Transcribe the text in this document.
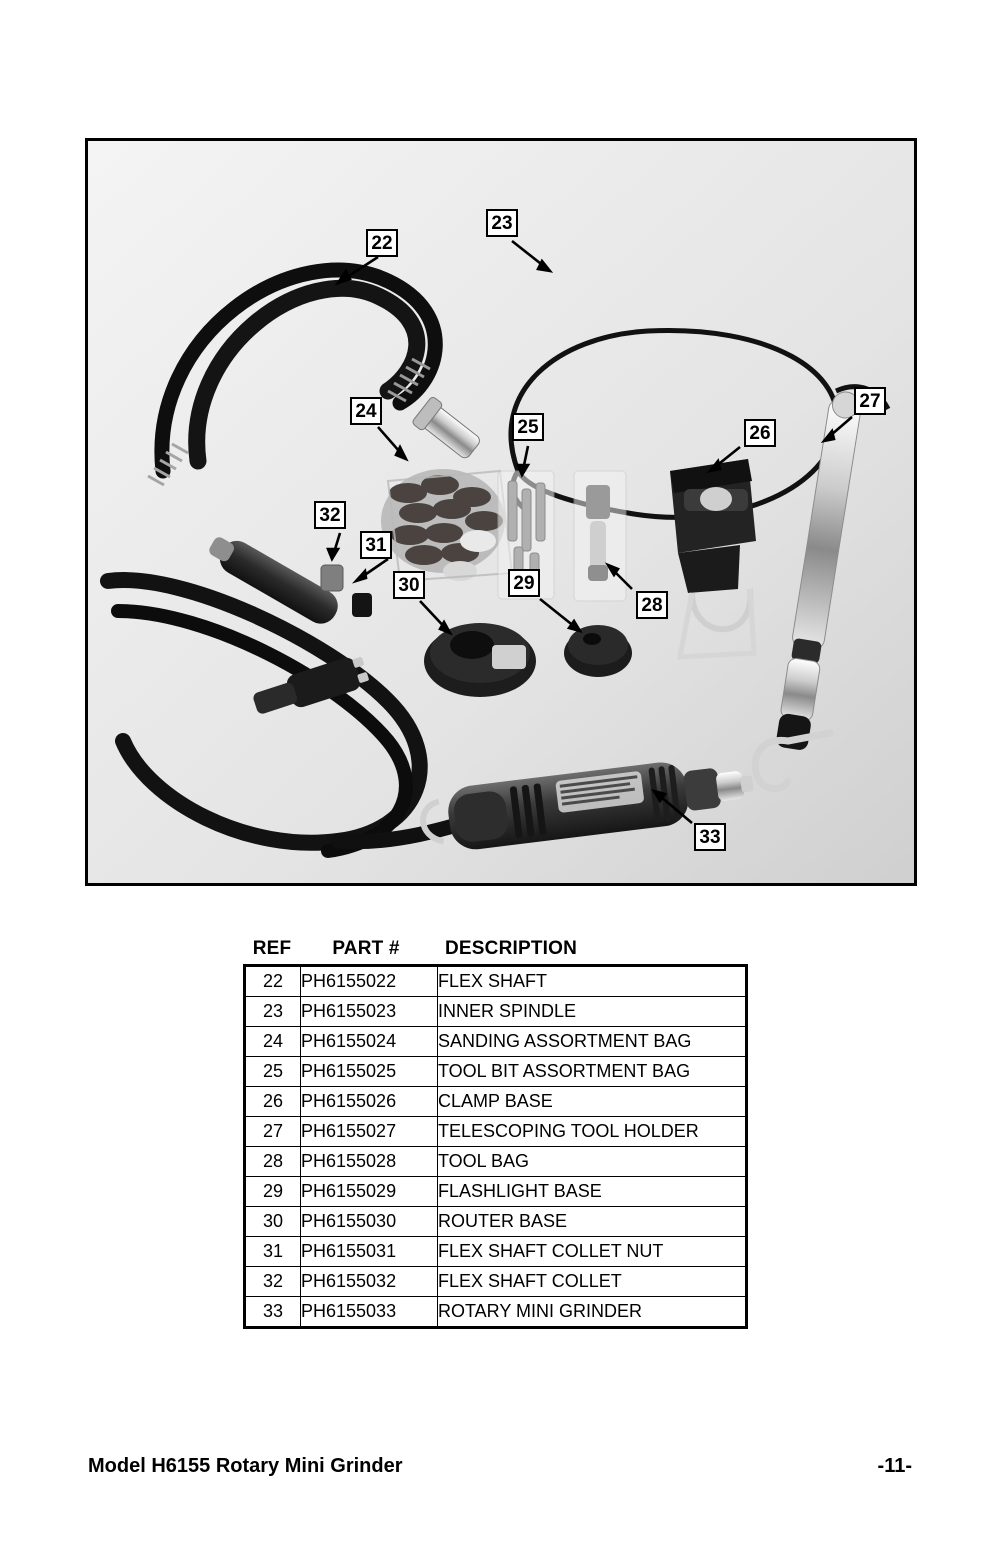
22
23
24
25	26
27
28
29
30
31
32
33
REF	PART #	DESCRIPTION
22	PH6155022	FLEX SHAFT
23	PH6155023	INNER SPINDLE
24	PH6155024	SANDING ASSORTMENT BAG
25	PH6155025	TOOL BIT ASSORTMENT BAG
26	PH6155026	CLAMP BASE
27	PH6155027	TELESCOPING TOOL HOLDER
28	PH6155028	TOOL BAG
29	PH6155029	FLASHLIGHT BASE
30	PH6155030	ROUTER BASE
31	PH6155031	FLEX SHAFT COLLET NUT
32	PH6155032	FLEX SHAFT COLLET
33	PH6155033	ROTARY MINI GRINDER
Model H6155 Rotary Mini Grinder	-11-
